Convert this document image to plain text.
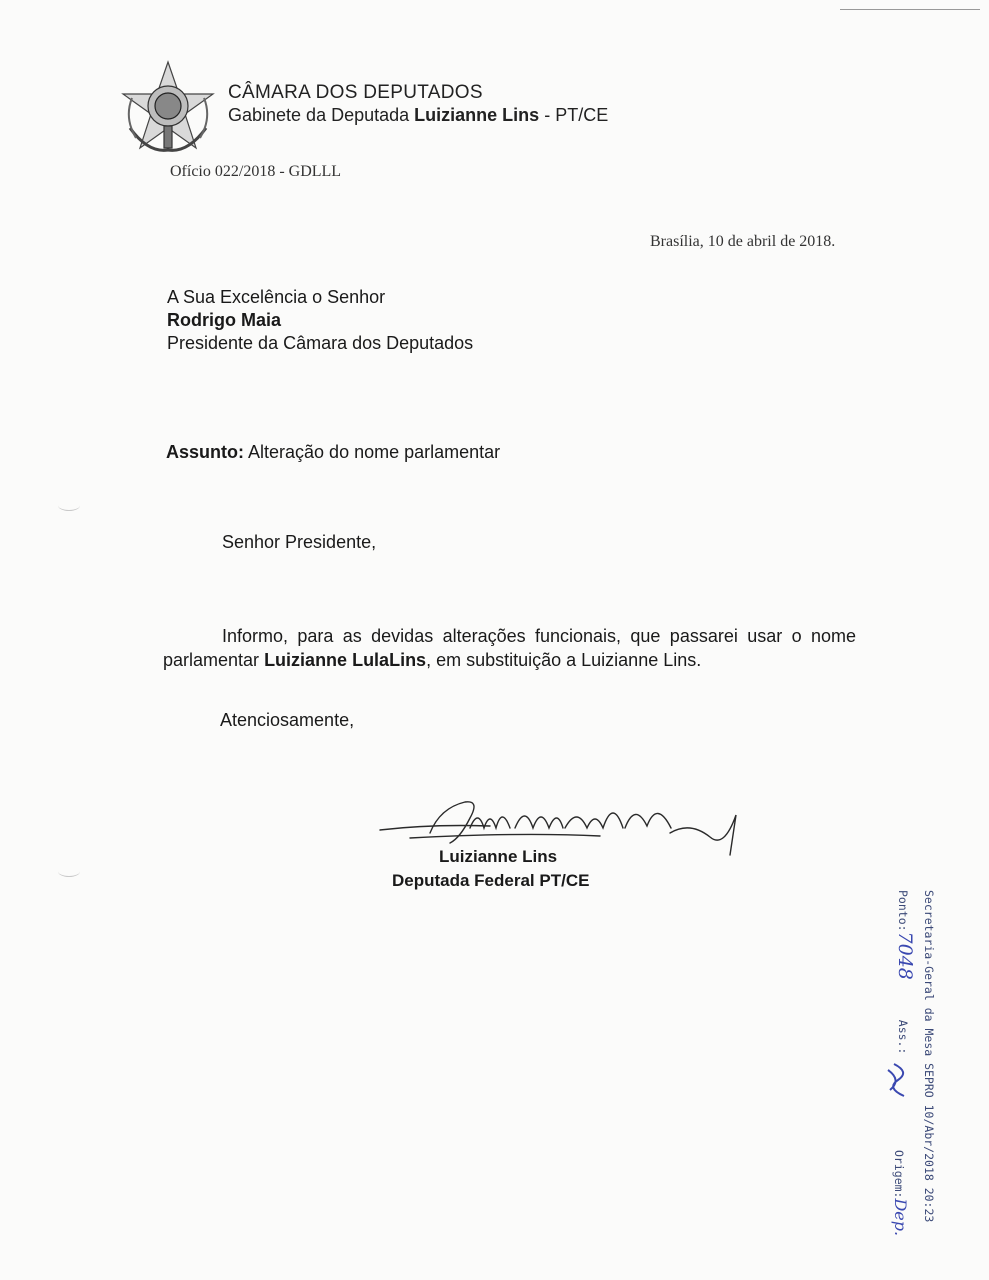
CÂMARA DOS DEPUTADOS
Gabinete da Deputada Luizianne Lins - PT/CE
Ofício 022/2018 - GDLLL
Brasília, 10 de abril de 2018.
A Sua Excelência o Senhor
Rodrigo Maia
Presidente da Câmara dos Deputados
Assunto: Alteração do nome parlamentar
Senhor Presidente,
Informo, para as devidas alterações funcionais, que passarei usar o nome parlamentar Luizianne LulaLins, em substituição a Luizianne Lins.
Atenciosamente,
Luizianne Lins
Deputada Federal PT/CE
Secretaria-Geral da Mesa SEPRO 10/Abr/2018 20:23
Ponto:7048  Ass.:
Origem:Dep.
